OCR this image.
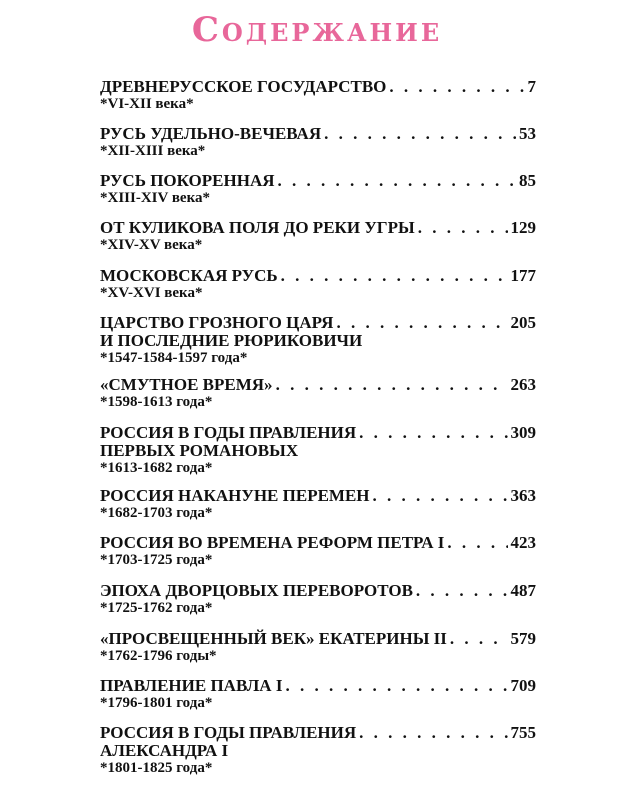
Содержание
ДРЕВНЕРУССКОЕ ГОСУДАРСТВО . . .	7
*VI-XII века*
РУСЬ УДЕЛЬНО-ВЕЧЕВАЯ . . .	53
*XII-XIII века*
РУСЬ ПОКОРЕННАЯ . . .	85
*XIII-XIV века*
ОТ КУЛИКОВА ПОЛЯ ДО РЕКИ УГРЫ . . .	129
*XIV-XV века*
МОСКОВСКАЯ РУСЬ . . .	177
*XV-XVI века*
ЦАРСТВО ГРОЗНОГО ЦАРЯ . . .	205
И ПОСЛЕДНИЕ РЮРИКОВИЧИ
*1547-1584-1597 года*
«СМУТНОЕ ВРЕМЯ» . . .	263
*1598-1613 года*
РОССИЯ В ГОДЫ ПРАВЛЕНИЯ . . .	309
ПЕРВЫХ РОМАНОВЫХ
*1613-1682 года*
РОССИЯ НАКАНУНЕ ПЕРЕМЕН . . .	363
*1682-1703 года*
РОССИЯ ВО ВРЕМЕНА РЕФОРМ ПЕТРА I . . .	423
*1703-1725 года*
ЭПОХА ДВОРЦОВЫХ ПЕРЕВОРОТОВ . . .	487
*1725-1762 года*
«ПРОСВЕЩЕННЫЙ ВЕК» ЕКАТЕРИНЫ II . . .	579
*1762-1796 годы*
ПРАВЛЕНИЕ ПАВЛА I . . .	709
*1796-1801 года*
РОССИЯ В ГОДЫ ПРАВЛЕНИЯ . . .	755
АЛЕКСАНДРА I
*1801-1825 года*
